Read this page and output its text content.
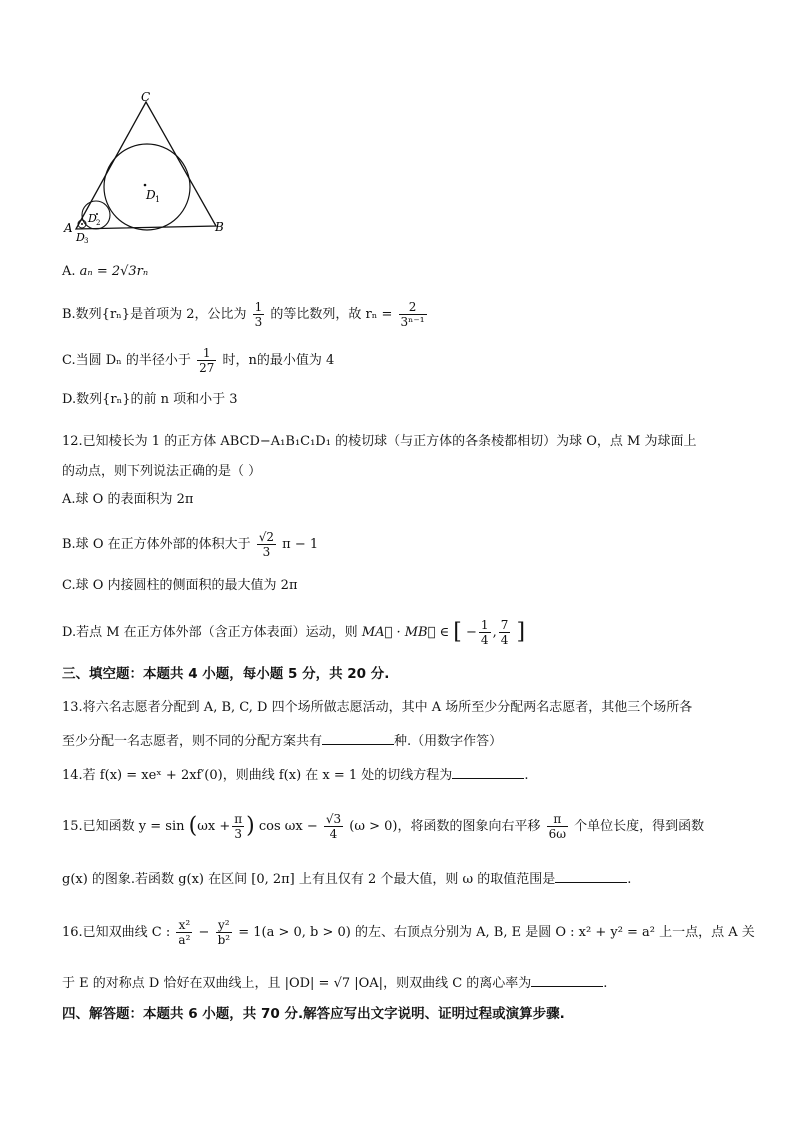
C
A	B
D 1
D 2
D 3
A. aₙ = 2√3rₙ
B.数列{rₙ}是首项为 2，公比为 $\frac{1}{3}$ 的等比数列，故 $r_n = \frac{2}{\text{3ⁿ⁻¹}}$
C.当圆 Dₙ 的半径小于 $\frac{1}{27}$ 时，n的最小值为 4
D.数列{rₙ}的前 n 项和小于 3
12.已知棱长为 1 的正方体 ABCD−A₁B₁C₁D₁ 的棱切球（与正方体的各条棱都相切）为球 O，点 M 为球面上
的动点，则下列说法正确的是（ ）
A.球 O 的表面积为 2π
B.球 O 在正方体外部的体积大于 $\frac{√2}{3}$ π − 1
C.球 O 内接圆柱的侧面积的最大值为 2π
D.若点 M 在正方体外部（含正方体表面）运动，则 MA⃗ · MB⃗ ∈ [ − $\frac{1}{4}$ , $\frac{7}{4}$ ]
三、填空题：本题共 4 小题，每小题 5 分，共 20 分.
13.将六名志愿者分配到 A, B, C, D 四个场所做志愿活动，其中 A 场所至少分配两名志愿者，其他三个场所各
至少分配一名志愿者，则不同的分配方案共有	种.（用数字作答）
14.若 f(x) = xeˣ + 2xf′(0)，则曲线 f(x) 在 x = 1 处的切线方程为	.
15.已知函数 $y = \sin (\omega x + \frac{\pi}{3}$ ) $\cos \omega x - \frac{√3}{4} (\omega > 0)$，将函数的图象向右平移 $\frac{\pi}{6\omega}$ 个单位长度，得到函数
g(x) 的图象.若函数 g(x) 在区间 [0, 2π] 上有且仅有 2 个最大值，则 ω 的取值范围是	.
16.已知双曲线 C : $\frac{\text{x²}}{\text{a²}} - \frac{\text{y²}}{\text{b²}} = 1(a > 0$, b > 0) 的左、右顶点分别为 A, B, E 是圆 O : x² + y² = a² 上一点，点 A 关
于 E 的对称点 D 恰好在双曲线上，且 |OD| = √7 |OA|，则双曲线 C 的离心率为	.
四、解答题：本题共 6 小题，共 70 分.解答应写出文字说明、证明过程或演算步骤.
